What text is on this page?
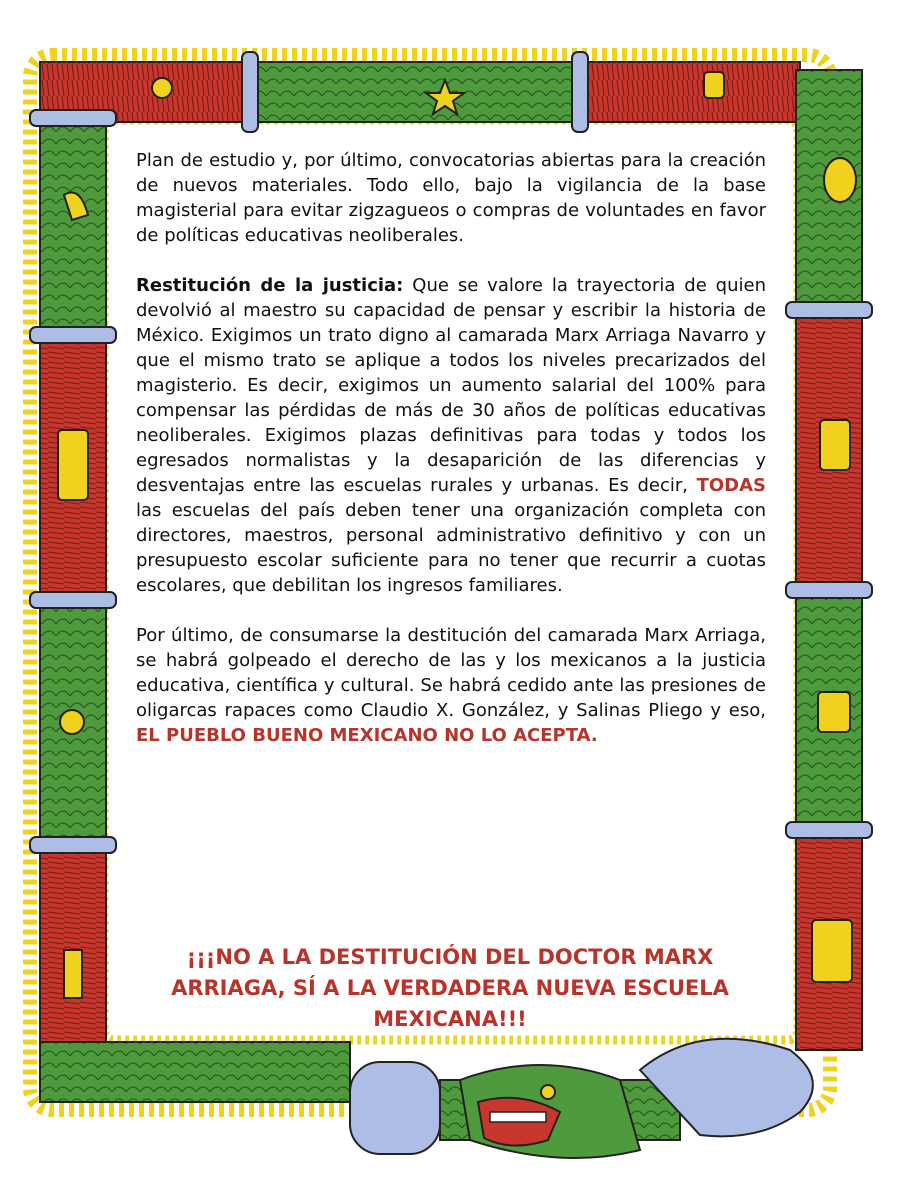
Plan de estudio y, por último, convocatorias abiertas para la creación de nuevos materiales. Todo ello, bajo la vigilancia de la base magisterial para evitar zigzagueos o compras de voluntades en favor de políticas educativas neoliberales.

Restitución de la justicia: Que se valore la trayectoria de quien devolvió al maestro su capacidad de pensar y escribir la historia de México. Exigimos un trato digno al camarada Marx Arriaga Navarro y que el mismo trato se aplique a todos los niveles precarizados del magisterio. Es decir, exigimos un aumento salarial del 100% para compensar las pérdidas de más de 30 años de políticas educativas neoliberales. Exigimos plazas definitivas para todas y todos los egresados normalistas y la desaparición de las diferencias y desventajas entre las escuelas rurales y urbanas. Es decir, TODAS las escuelas del país deben tener una organización completa con directores, maestros, personal administrativo definitivo y con un presupuesto escolar suficiente para no tener que recurrir a cuotas escolares, que debilitan los ingresos familiares.

Por último, de consumarse la destitución del camarada Marx Arriaga, se habrá golpeado el derecho de las y los mexicanos a la justicia educativa, científica y cultural. Se habrá cedido ante las presiones de oligarcas rapaces como Claudio X. González, y Salinas Pliego y eso, EL PUEBLO BUENO MEXICANO NO LO ACEPTA.

¡¡¡NO A LA DESTITUCIÓN DEL DOCTOR MARX ARRIAGA, SÍ A LA VERDADERA NUEVA ESCUELA MEXICANA!!!
